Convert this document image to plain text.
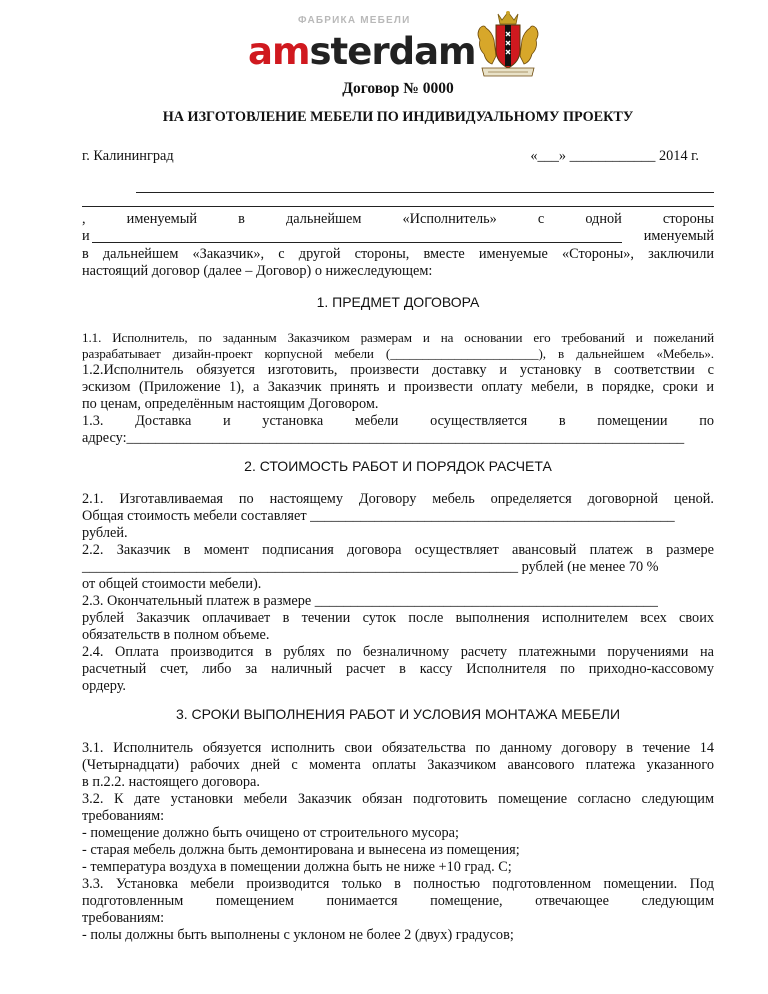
ФАБРИКА МЕБЕЛИ
amsterdam
Договор № 0000
НА ИЗГОТОВЛЕНИЕ МЕБЕЛИ ПО ИНДИВИДУАЛЬНОМУ ПРОЕКТУ
г. Калининград	«___» ____________ 2014 г.
, именуемый в дальнейшем «Исполнитель» с одной стороны
и	именуемый
в дальнейшем «Заказчик», с другой стороны, вместе именуемые «Стороны», заключили
настоящий договор (далее – Договор) о нижеследующем:
1. ПРЕДМЕТ ДОГОВОРА
1.1. Исполнитель, по заданным Заказчиком размерам и на основании его требований и пожеланий
разрабатывает дизайн-проект корпусной мебели (_______________________), в дальнейшем «Мебель».
1.2.Исполнитель обязуется изготовить, произвести доставку и установку в соответствии с
эскизом (Приложение 1), а Заказчик принять и произвести оплату мебели, в порядке, сроки и
по ценам, определённым настоящим Договором.
1.3. Доставка и установка мебели осуществляется в помещении по
адресу:______________________________________________________________________________
2. СТОИМОСТЬ РАБОТ И ПОРЯДОК РАСЧЕТА
2.1. Изготавливаемая по настоящему Договору мебель определяется договорной ценой.
Общая стоимость мебели составляет ___________________________________________________
рублей.
2.2. Заказчик в момент подписания договора осуществляет авансовый платеж в размере
_____________________________________________________________ рублей (не менее 70 %
от общей стоимости мебели).
2.3. Окончательный платеж в размере ________________________________________________
рублей Заказчик оплачивает в течении суток после выполнения исполнителем всех своих
обязательств в полном объеме.
2.4. Оплата производится в рублях по безналичному расчету платежными поручениями на
расчетный счет, либо за наличный расчет в кассу Исполнителя по приходно-кассовому
ордеру.
3. СРОКИ ВЫПОЛНЕНИЯ РАБОТ И УСЛОВИЯ МОНТАЖА МЕБЕЛИ
3.1. Исполнитель обязуется исполнить свои обязательства по данному договору в течение 14
(Четырнадцати) рабочих дней с момента оплаты Заказчиком авансового платежа указанного
в п.2.2. настоящего договора.
3.2. К дате установки мебели Заказчик обязан подготовить помещение согласно следующим
требованиям:
- помещение должно быть очищено от строительного мусора;
- старая мебель должна быть демонтирована и вынесена из помещения;
- температура воздуха в помещении должна быть не ниже +10 град. С;
3.3. Установка мебели производится только в полностью подготовленном помещении. Под
подготовленным помещением понимается помещение, отвечающее следующим
требованиям:
- полы должны быть выполнены с уклоном не более 2 (двух) градусов;
